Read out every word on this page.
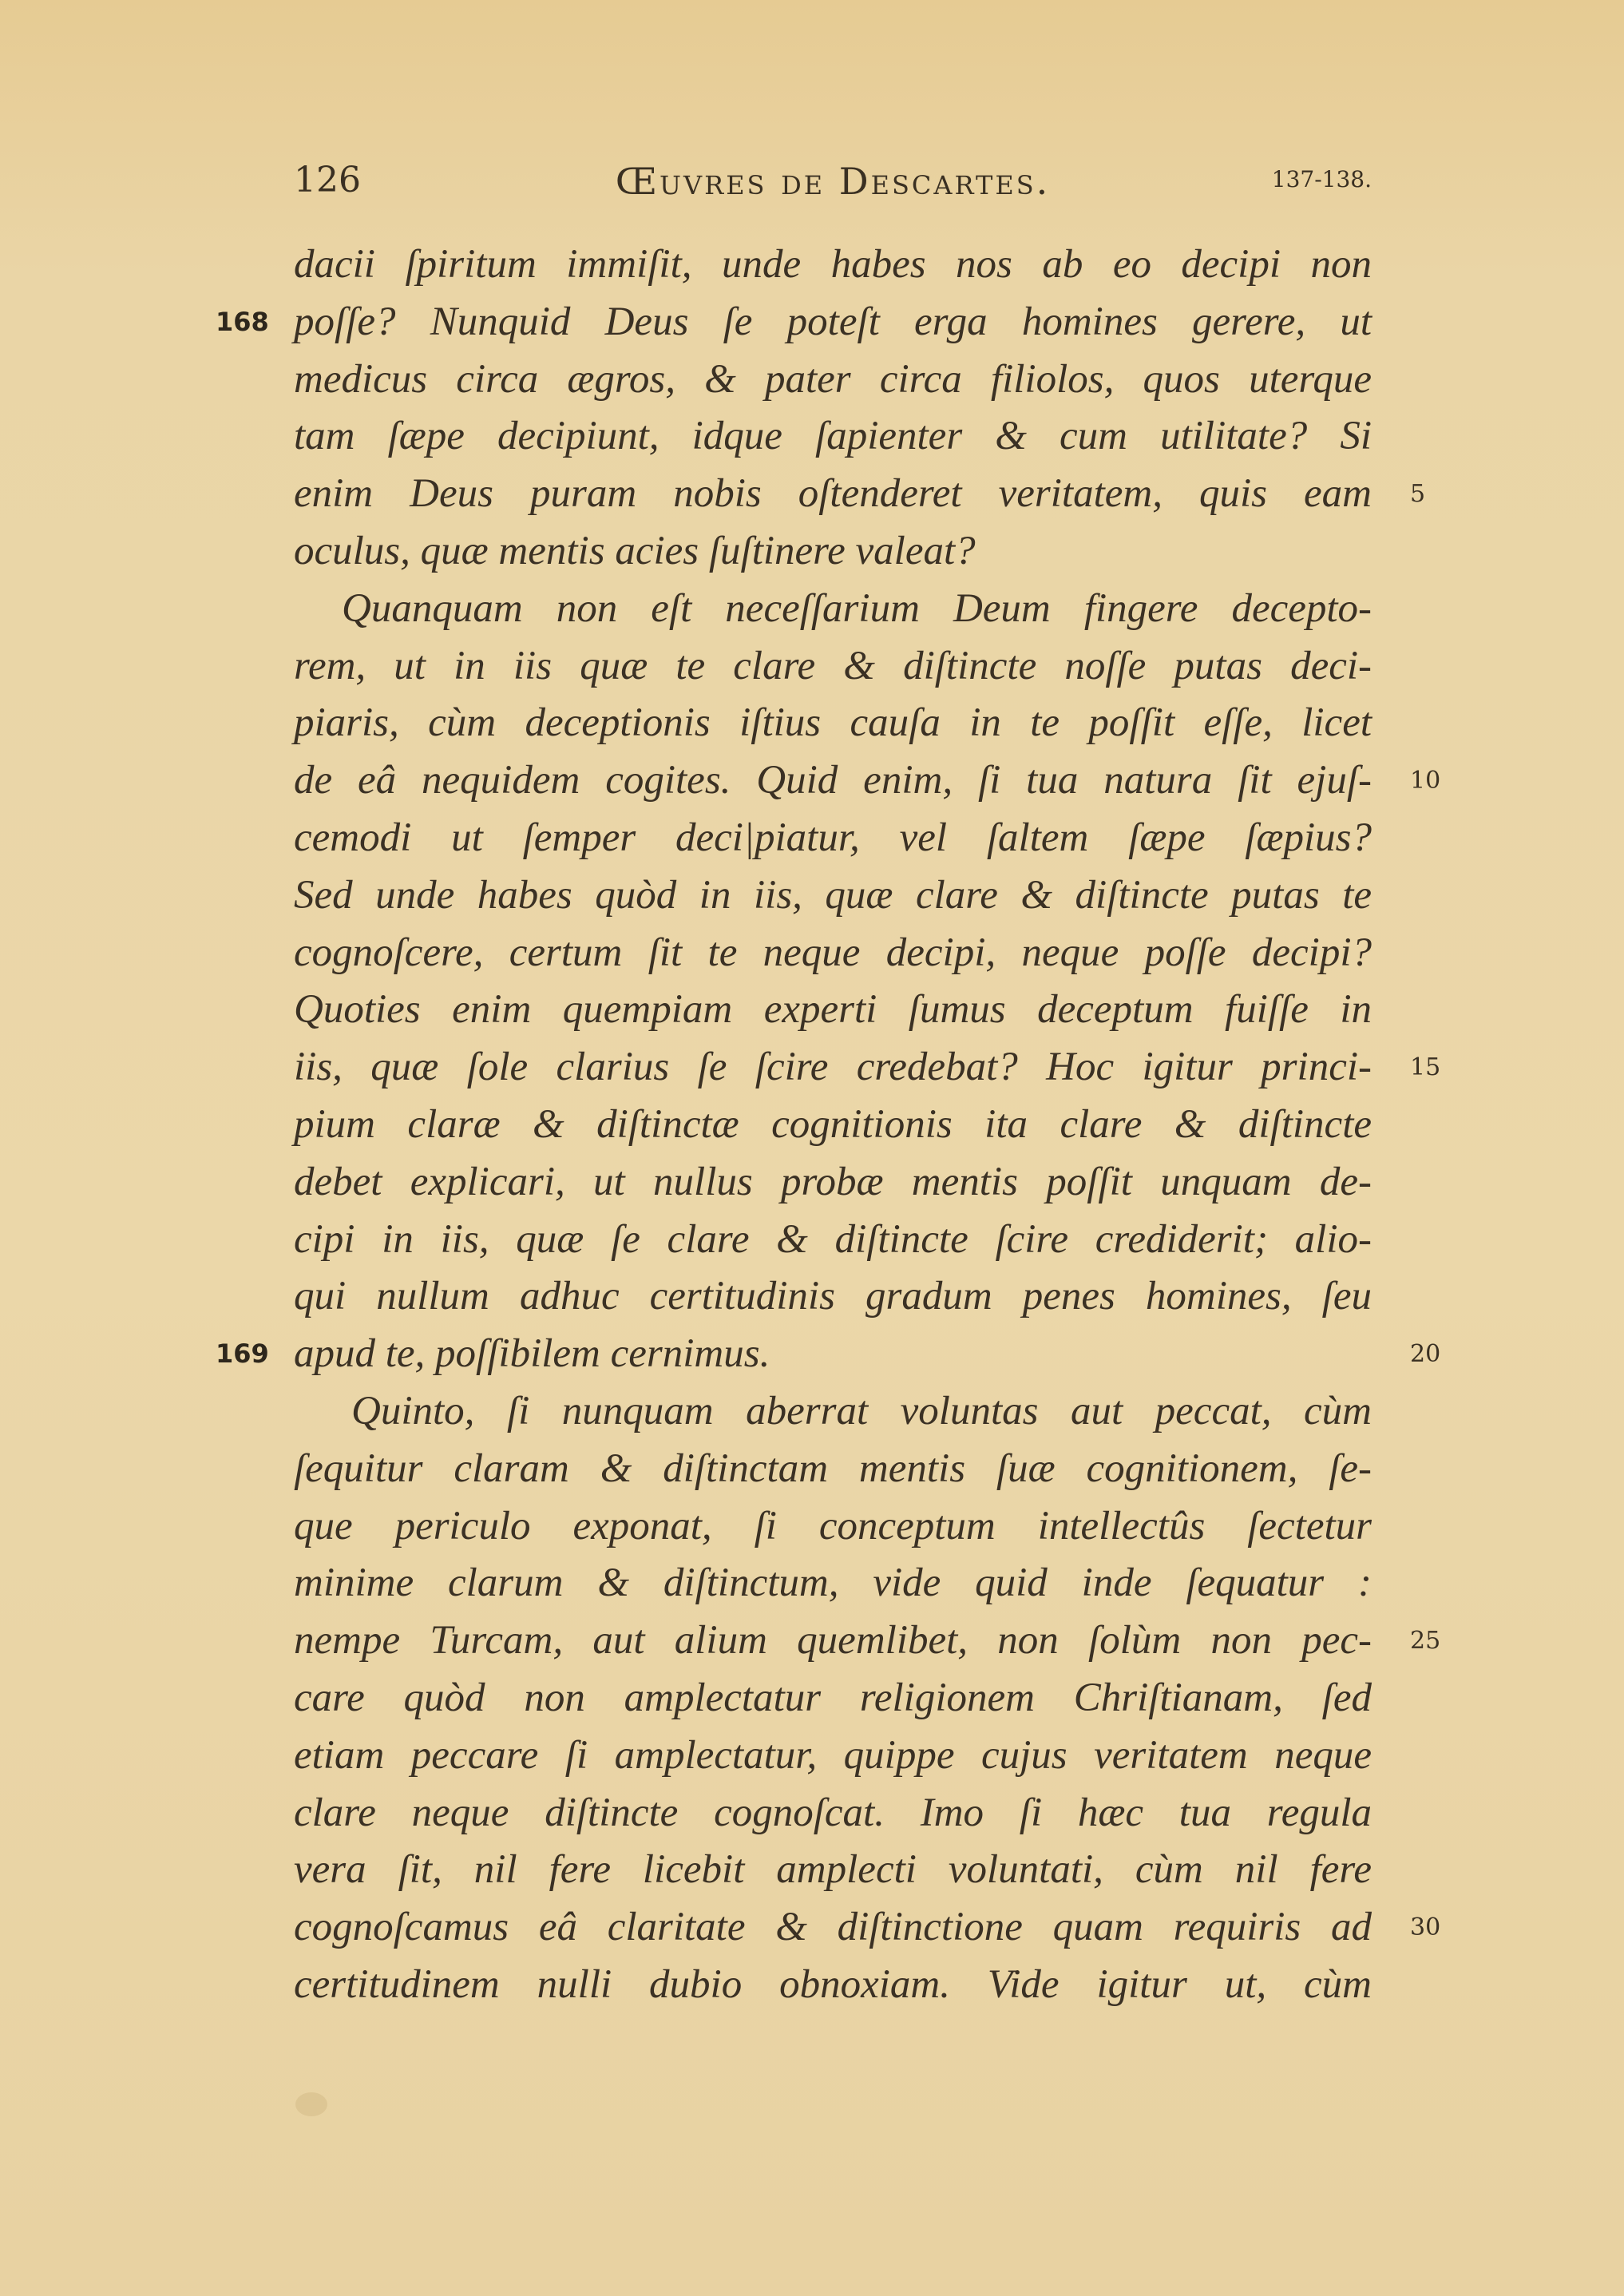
126	Œuvres de Descartes.	137-138.
dacii ſpiritum immiſit, unde habes nos ab eo decipi non
poſſe? Nunquid Deus ſe poteſt erga homines gerere, ut
168
medicus circa ægros, & pater circa filiolos, quos uterque
tam ſæpe decipiunt, idque ſapienter & cum utilitate? Si
enim Deus puram nobis oſtenderet veritatem, quis eam 5
oculus, quæ mentis acies ſuſtinere valeat?
Quanquam non eſt neceſſarium Deum fingere decepto-
rem, ut in iis quæ te clare & diſtincte noſſe putas deci-
piaris, cùm deceptionis iſtius cauſa in te poſſit eſſe, licet
de eâ nequidem cogites. Quid enim, ſi tua natura ſit ejuſ- 10
cemodi ut ſemper deci|piatur, vel ſaltem ſæpe ſæpius?
Sed unde habes quòd in iis, quæ clare & diſtincte putas te
cognoſcere, certum ſit te neque decipi, neque poſſe decipi?
Quoties enim quempiam experti ſumus deceptum fuiſſe in
iis, quæ ſole clarius ſe ſcire credebat? Hoc igitur princi- 15
pium claræ & diſtinctæ cognitionis ita clare & diſtincte
debet explicari, ut nullus probæ mentis poſſit unquam de-
cipi in iis, quæ ſe clare & diſtincte ſcire crediderit; alio-
qui nullum adhuc certitudinis gradum penes homines, ſeu
apud te, poſſibilem cernimus.
169	20
Quinto, ſi nunquam aberrat voluntas aut peccat, cùm
ſequitur claram & diſtinctam mentis ſuæ cognitionem, ſe-
que periculo exponat, ſi conceptum intellectûs ſectetur
minime clarum & diſtinctum, vide quid inde ſequatur :
nempe Turcam, aut alium quemlibet, non ſolùm non pec- 25
care quòd non amplectatur religionem Chriſtianam, ſed
etiam peccare ſi amplectatur, quippe cujus veritatem neque
clare neque diſtincte cognoſcat. Imo ſi hæc tua regula
vera ſit, nil fere licebit amplecti voluntati, cùm nil fere
cognoſcamus eâ claritate & diſtinctione quam requiris ad 30
certitudinem nulli dubio obnoxiam. Vide igitur ut, cùm
